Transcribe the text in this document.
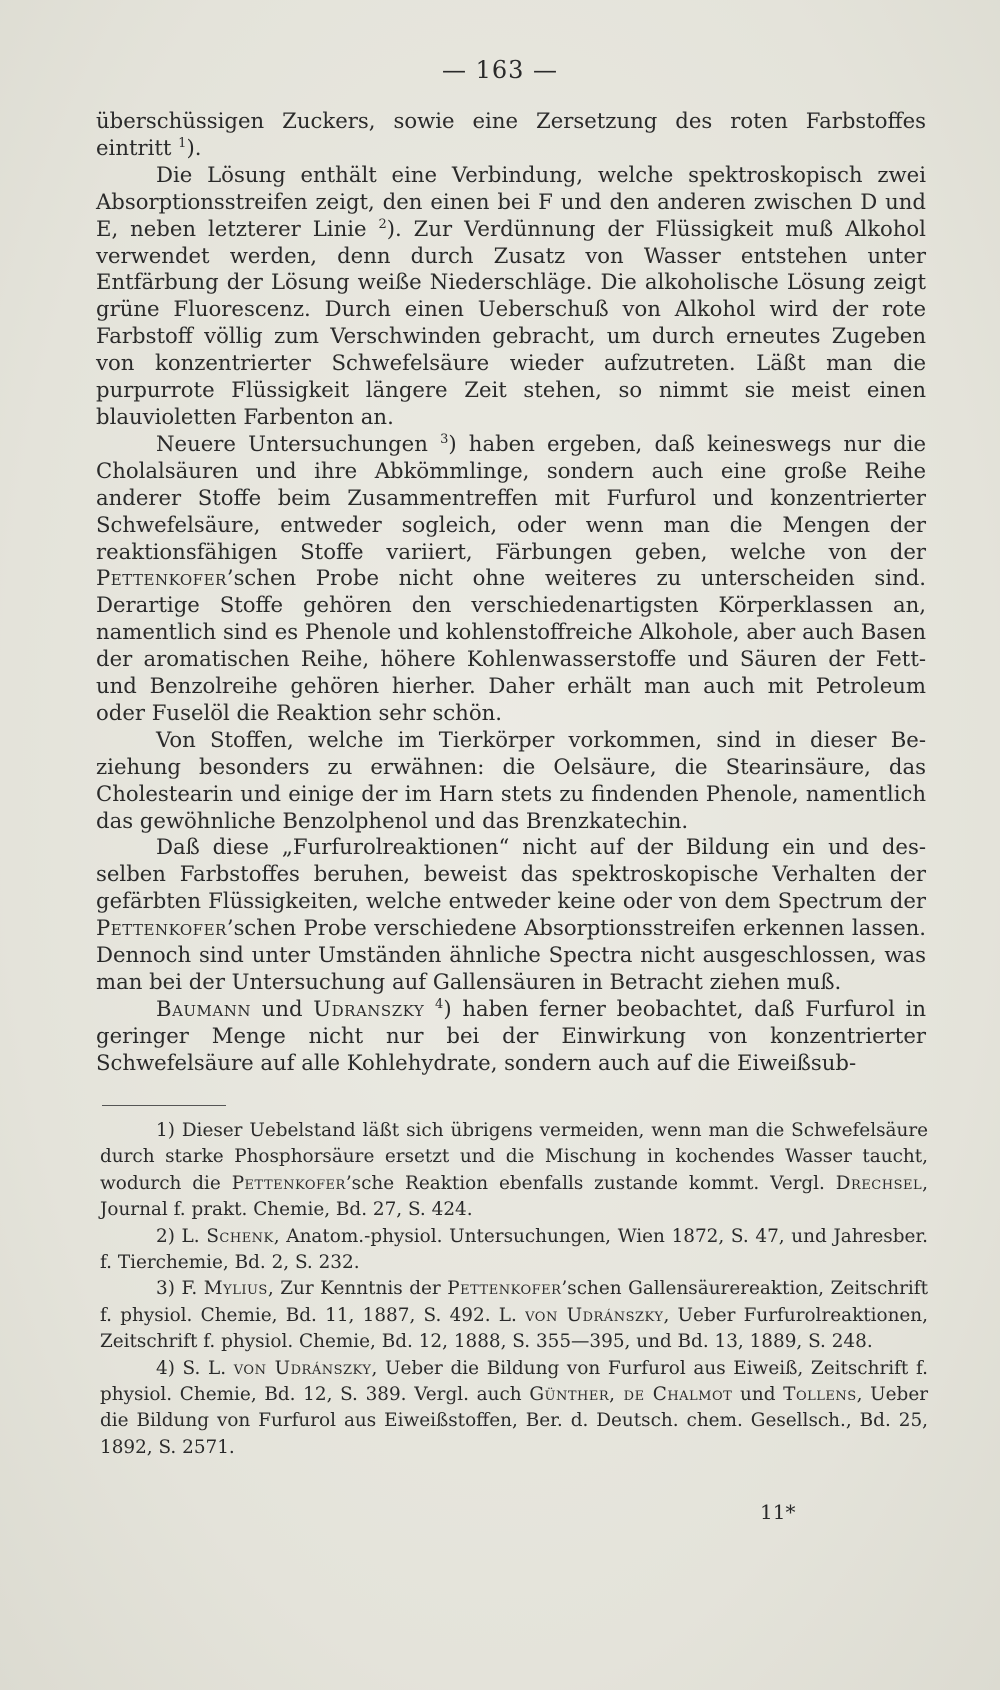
— 163 —

überschüssigen Zuckers, sowie eine Zersetzung des roten Farbstoffes eintritt $^1$).

Die Lösung enthält eine Verbindung, welche spektroskopisch zwei Absorptionsstreifen zeigt, den einen bei F und den anderen zwischen D und E, neben letzterer Linie $^2$). Zur Verdünnung der Flüssigkeit muß Alkohol verwendet werden, denn durch Zusatz von Wasser entstehen unter Entfärbung der Lösung weiße Niederschläge. Die alkoholische Lösung zeigt grüne Fluorescenz. Durch einen Ueberschuß von Alkohol wird der rote Farbstoff völlig zum Verschwinden gebracht, um durch erneutes Zugeben von konzentrierter Schwefelsäure wieder aufzutreten. Läßt man die purpurrote Flüssigkeit längere Zeit stehen, so nimmt sie meist einen blauvioletten Farbenton an.

Neuere Untersuchungen $^3$) haben ergeben, daß keineswegs nur die Cholalsäuren und ihre Abkömmlinge, sondern auch eine große Reihe anderer Stoffe beim Zusammentreffen mit Furfurol und konzentrierter Schwefelsäure, entweder sogleich, oder wenn man die Mengen der reaktionsfähigen Stoffe variiert, Färbungen geben, welche von der Pettenkofer’schen Probe nicht ohne weiteres zu unterscheiden sind. Derartige Stoffe gehören den verschiedenartigsten Körperklassen an, namentlich sind es Phenole und kohlenstoffreiche Alkohole, aber auch Basen der aromatischen Reihe, höhere Kohlenwasserstoffe und Säuren der Fett- und Benzolreihe gehören hierher. Daher erhält man auch mit Petroleum oder Fuselöl die Reaktion sehr schön.

Von Stoffen, welche im Tierkörper vorkommen, sind in dieser Beziehung besonders zu erwähnen: die Oelsäure, die Stearinsäure, das Cholestearin und einige der im Harn stets zu findenden Phenole, namentlich das gewöhnliche Benzolphenol und das Brenzkatechin.

Daß diese „Furfurolreaktionen“ nicht auf der Bildung ein und desselben Farbstoffes beruhen, beweist das spektroskopische Verhalten der gefärbten Flüssigkeiten, welche entweder keine oder von dem Spectrum der Pettenkofer’schen Probe verschiedene Absorptionsstreifen erkennen lassen. Dennoch sind unter Umständen ähnliche Spectra nicht ausgeschlossen, was man bei der Untersuchung auf Gallensäuren in Betracht ziehen muß.

Baumann und Udranszky $^4$) haben ferner beobachtet, daß Furfurol in geringer Menge nicht nur bei der Einwirkung von konzentrierter Schwefelsäure auf alle Kohlehydrate, sondern auch auf die Eiweißsub-

1) Dieser Uebelstand läßt sich übrigens vermeiden, wenn man die Schwefelsäure durch starke Phosphorsäure ersetzt und die Mischung in kochendes Wasser taucht, wodurch die Pettenkofer’sche Reaktion ebenfalls zustande kommt. Vergl. Drechsel, Journal f. prakt. Chemie, Bd. 27, S. 424.

2) L. Schenk, Anatom.-physiol. Untersuchungen, Wien 1872, S. 47, und Jahresber. f. Tierchemie, Bd. 2, S. 232.

3) F. Mylius, Zur Kenntnis der Pettenkofer’schen Gallensäurereaktion, Zeitschrift f. physiol. Chemie, Bd. 11, 1887, S. 492. L. von Udránszky, Ueber Furfurolreaktionen, Zeitschrift f. physiol. Chemie, Bd. 12, 1888, S. 355—395, und Bd. 13, 1889, S. 248.

4) S. L. von Udránszky, Ueber die Bildung von Furfurol aus Eiweiß, Zeitschrift f. physiol. Chemie, Bd. 12, S. 389. Vergl. auch Günther, de Chalmot und Tollens, Ueber die Bildung von Furfurol aus Eiweißstoffen, Ber. d. Deutsch. chem. Gesellsch., Bd. 25, 1892, S. 2571.

11*
